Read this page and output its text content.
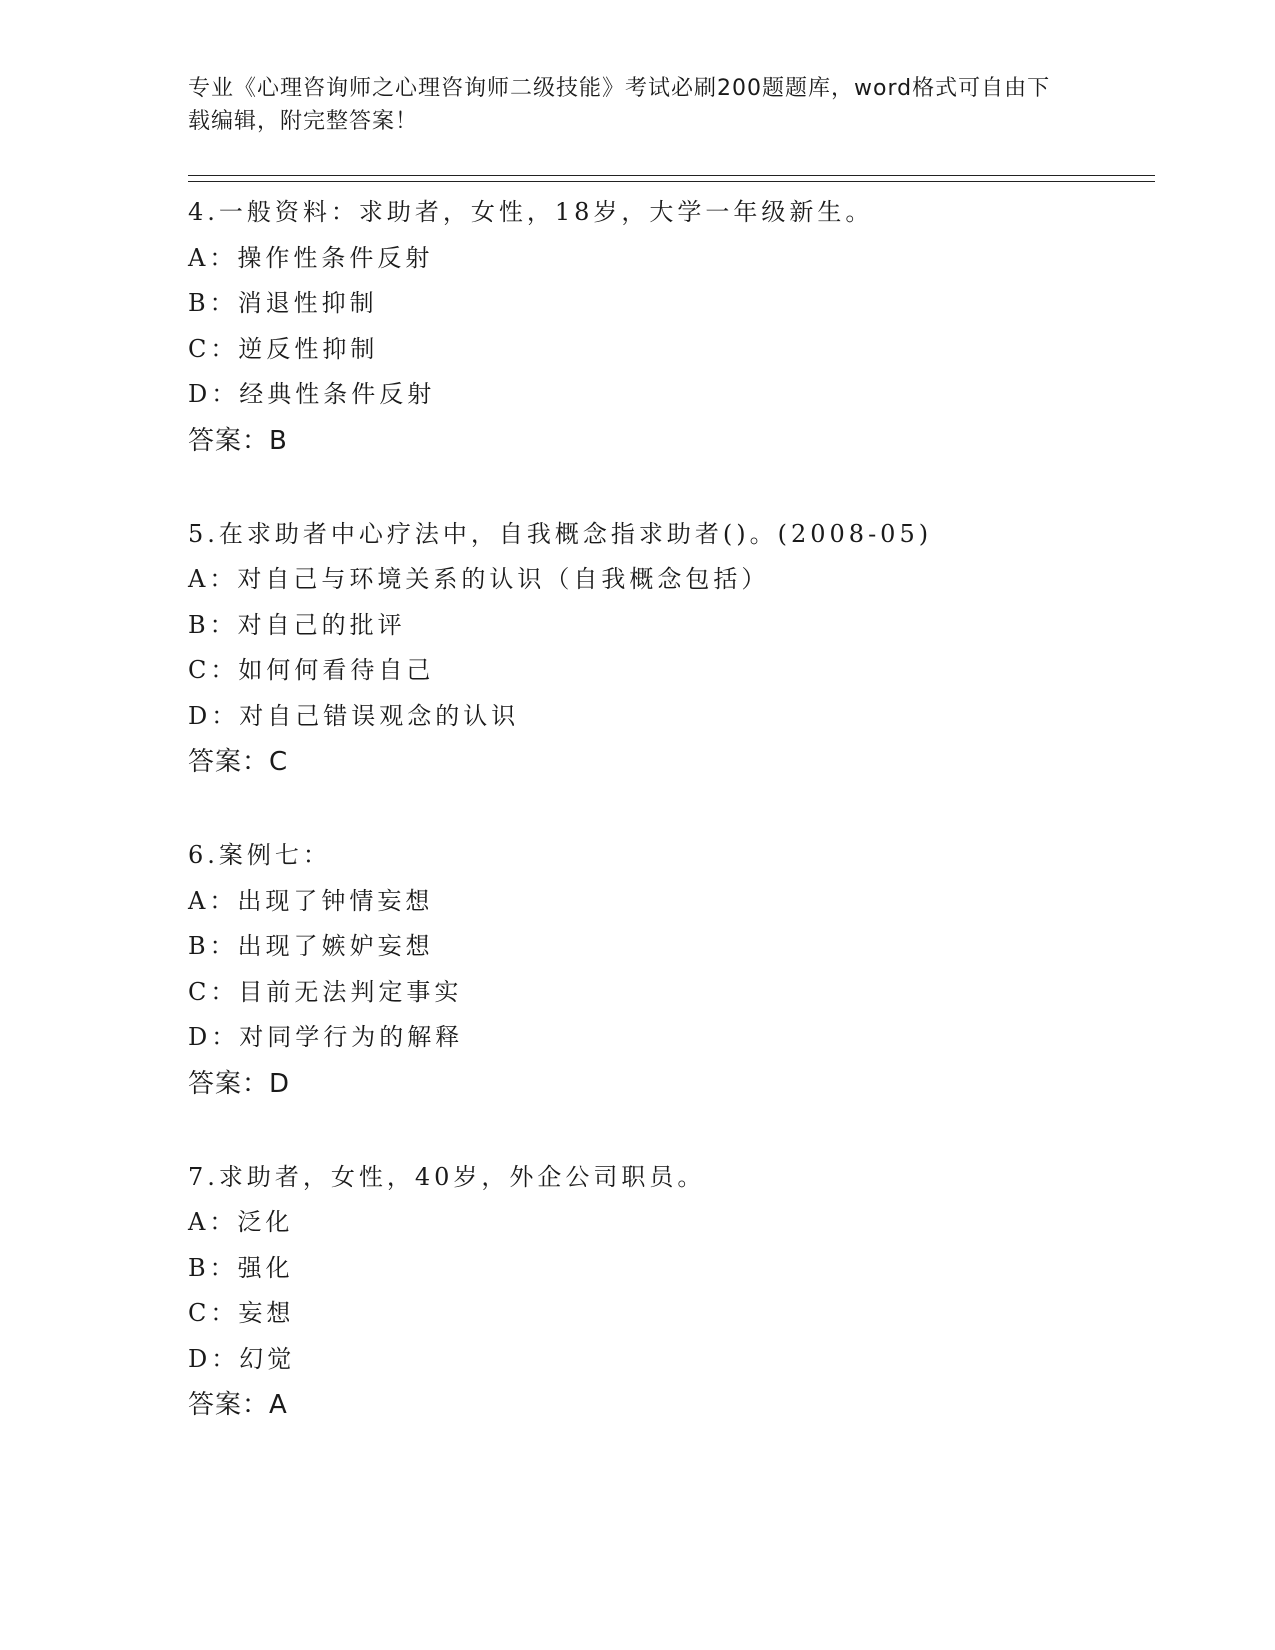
专业《心理咨询师之心理咨询师二级技能》考试必刷200题题库，word格式可自由下载编辑，附完整答案！
4.一般资料：求助者，女性，18岁，大学一年级新生。
A：操作性条件反射
B：消退性抑制
C：逆反性抑制
D：经典性条件反射
答案：B
5.在求助者中心疗法中，自我概念指求助者()。(2008-05)
A：对自己与环境关系的认识（自我概念包括）
B：对自己的批评
C：如何何看待自己
D：对自己错误观念的认识
答案：C
6.案例七：
A：出现了钟情妄想
B：出现了嫉妒妄想
C：目前无法判定事实
D：对同学行为的解释
答案：D
7.求助者，女性，40岁，外企公司职员。
A：泛化
B：强化
C：妄想
D：幻觉
答案：A
